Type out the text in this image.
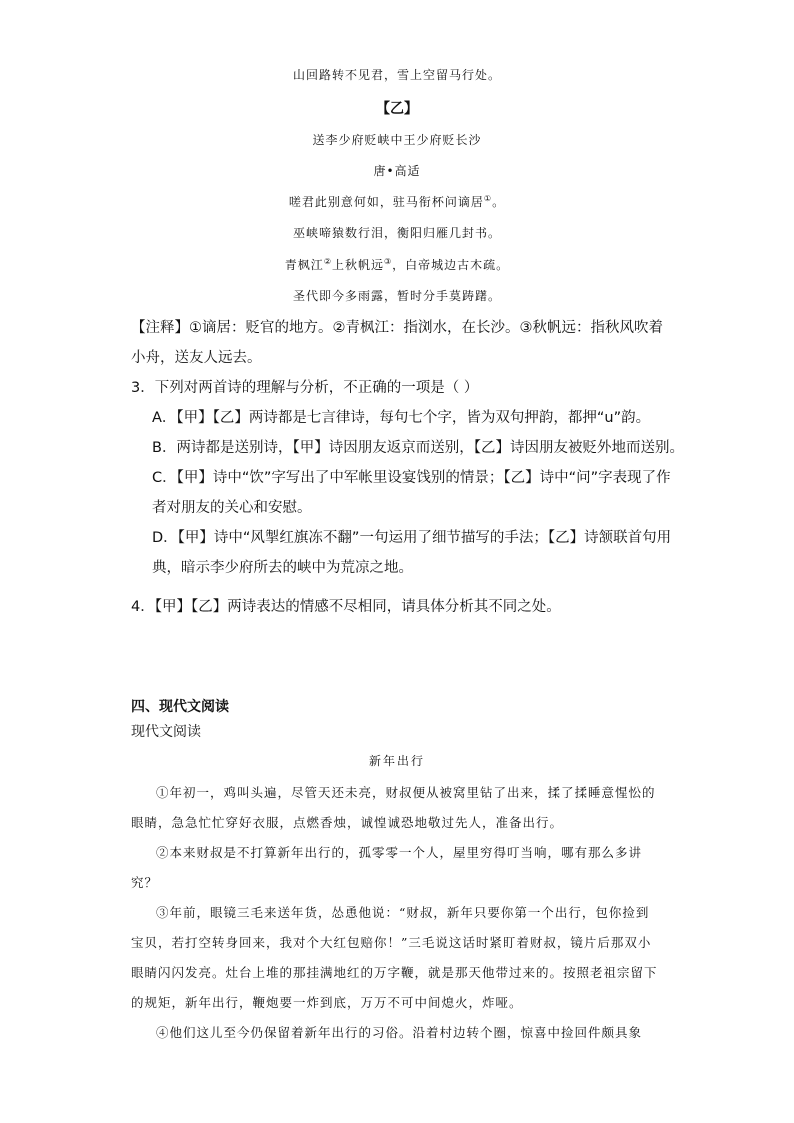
山回路转不见君，雪上空留马行处。
【乙】
送李少府贬峡中王少府贬长沙
唐•高适
嗟君此别意何如，驻马衔杯问谪居①。
巫峡啼猿数行泪，衡阳归雁几封书。
青枫江②上秋帆远③，白帝城边古木疏。
圣代即今多雨露，暂时分手莫踌躇。
【注释】①谪居：贬官的地方。②青枫江：指浏水，在长沙。③秋帆远：指秋风吹着
小舟，送友人远去。
3．下列对两首诗的理解与分析，不正确的一项是（ ）
A．【甲】【乙】两诗都是七言律诗，每句七个字，皆为双句押韵，都押“u”韵。
B．两诗都是送别诗，【甲】诗因朋友返京而送别，【乙】诗因朋友被贬外地而送别。
C．【甲】诗中“饮”字写出了中军帐里设宴饯别的情景；【乙】诗中“问”字表现了作
者对朋友的关心和安慰。
D．【甲】诗中“风掣红旗冻不翻”一句运用了细节描写的手法；【乙】诗颔联首句用
典，暗示李少府所去的峡中为荒凉之地。
4．【甲】【乙】两诗表达的情感不尽相同，请具体分析其不同之处。
四、现代文阅读
现代文阅读
新年出行

①年初一，鸡叫头遍，尽管天还未亮，财叔便从被窝里钻了出来，揉了揉睡意惺忪的眼睛，急急忙忙穿好衣服，点燃香烛，诚惶诚恐地敬过先人，准备出行。

②本来财叔是不打算新年出行的，孤零零一个人，屋里穷得叮当响，哪有那么多讲究？

③年前，眼镜三毛来送年货，怂恿他说：“财叔，新年只要你第一个出行，包你捡到宝贝，若打空转身回来，我对个大红包赔你！”三毛说这话时紧盯着财叔，镜片后那双小眼睛闪闪发亮。灶台上堆的那挂满地红的万字鞭，就是那天他带过来的。按照老祖宗留下的规矩，新年出行，鞭炮要一炸到底，万万不可中间熄火，炸哑。

④他们这儿至今仍保留着新年出行的习俗。沿着村边转个圈，惊喜中捡回件颇具象
